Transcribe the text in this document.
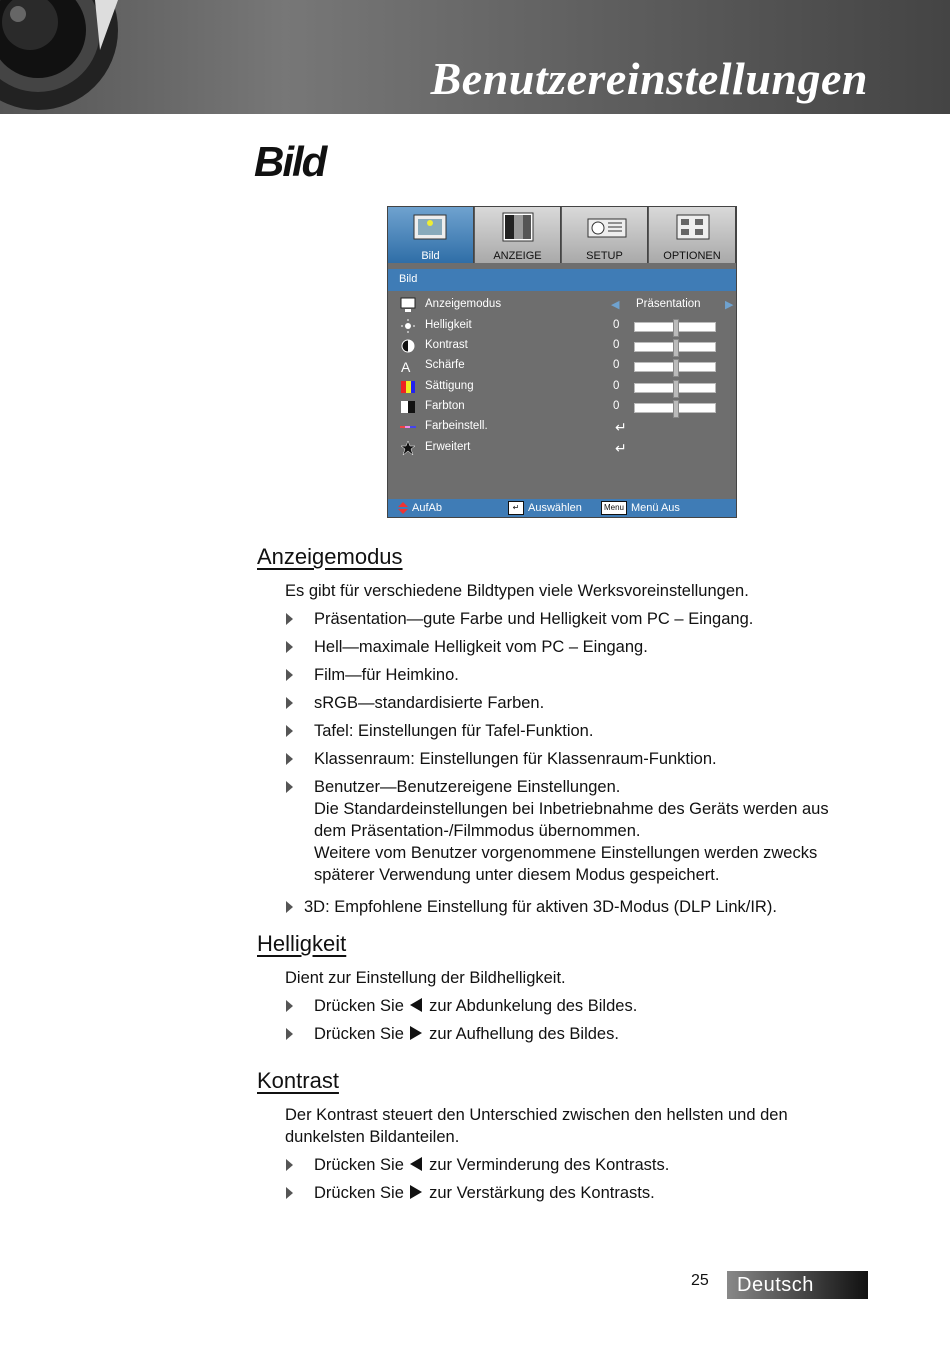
Benutzereinstellungen
Bild
Bild	ANZEIGE	SETUP	OPTIONEN
Bild
Anzeigemodus	◀ Präsentation ▶
Helligkeit	0
Kontrast	0
A Schärfe	0
Sättigung	0
Farbton	0
Farbeinstell.	↵
Erweitert	↵
AufAb	↵ Auswählen	Menu Menü Aus
Anzeigemodus
Es gibt für verschiedene Bildtypen viele Werksvoreinstellungen.
Präsentation—gute Farbe und Helligkeit vom PC – Eingang.
Hell—maximale Helligkeit vom PC – Eingang.
Film—für Heimkino.
sRGB—standardisierte Farben.
Tafel: Einstellungen für Tafel-Funktion.
Klassenraum: Einstellungen für Klassenraum-Funktion.
Benutzer—Benutzereigene Einstellungen.
Die Standardeinstellungen bei Inbetriebnahme des Geräts werden aus
dem Präsentation-/Filmmodus übernommen.
Weitere vom Benutzer vorgenommene Einstellungen werden zwecks
späterer Verwendung unter diesem Modus gespeichert.
3D: Empfohlene Einstellung für aktiven 3D-Modus (DLP Link/IR).
Helligkeit
Dient zur Einstellung der Bildhelligkeit.
Drücken Sie zur Abdunkelung des Bildes.
Drücken Sie zur Aufhellung des Bildes.
Kontrast
Der Kontrast steuert den Unterschied zwischen den hellsten und den
dunkelsten Bildanteilen.
Drücken Sie zur Verminderung des Kontrasts.
Drücken Sie zur Verstärkung des Kontrasts.
25 Deutsch
